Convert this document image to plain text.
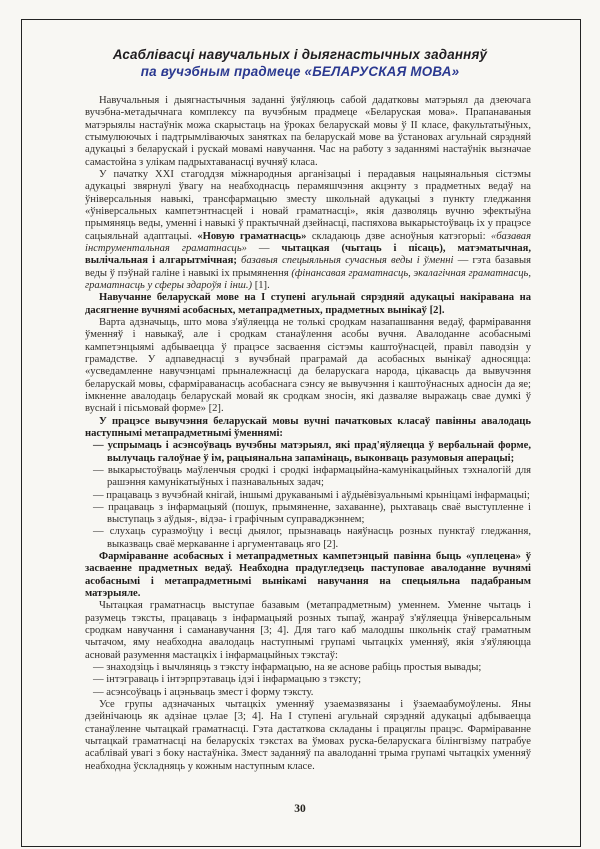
Асаблівасці навучальных і дыягнастычных заданняў
па вучэбным прадмеце «БЕЛАРУСКАЯ МОВА»
Навучальныя і дыягнастычныя заданні ўяўляюць сабой дадатковы матэрыял да дзеючага вучэбна-метадычнага комплексу па вучэбным прадмеце «Беларуская мова». Прапанаваныя матэрыялы настаўнік можа скарыстаць на ўроках беларускай мовы ў II класе, факультатыўных, стымулюючых і падтрымліваючых занятках па беларускай мове ва ўстановах агульнай сярэдняй адукацыі з беларускай і рускай мовамі навучання. Час на работу з заданнямі настаўнік вызначае самастойна з улікам падрыхтаванасці вучняў класа.
У пачатку XXI стагоддзя міжнародныя арганізацыі і перадавыя нацыянальныя сістэмы адукацыі звярнулі ўвагу на неабходнасць перамяшчэння акцэнту з прадметных ведаў на ўніверсальныя навыкі, трансфармацыю зместу школьнай адукацыі з пункту гледжання «ўніверсальных кампетэнтнасцей і новай граматнасці», якія дазволяць вучню эфектыўна прымяняць веды, уменні і навыкі ў практычнай дзейнасці, паспяхова выкарыстоўваць іх у працэсе сацыяльнай адаптацыі. «Новую граматнасць» складаюць дзве асноўныя катэгорыі: «базавая інструментальная граматнасць» — чытацкая (чытаць і пісаць), матэматычная, вылічальная і алгарытмічная; базавыя спецыяльныя сучасныя веды і ўменні — гэта базавыя веды ў пэўнай галіне і навыкі іх прымянення (фінансавая граматнасць, экалагічная граматнасць, граматнасць у сферы здароўя і інш.) [1].
Навучанне беларускай мове на I ступені агульнай сярэдняй адукацыі накіравана на дасягненне вучнямі асобасных, метапрадметных, прадметных вынікаў [2].
Варта адзначыць, што мова з'яўляецца не толькі сродкам назапашвання ведаў, фарміравання ўменняў і навыкаў, але і сродкам станаўлення асобы вучня. Авалоданне асобаснымі кампетэнцыямі адбываецца ў працэсе засваення сістэмы каштоўнасцей, правіл паводзін у грамадстве. У адпаведнасці з вучэбнай праграмай да асобасных вынікаў адносяцца: «усведамленне навучэнцамі прыналежнасці да беларускага народа, цікавасць да вывучэння беларускай мовы, сфарміраванасць асобаснага сэнсу яе вывучэння і каштоўнасных адносін да яе; імкненне авалодаць беларускай мовай як сродкам зносін, які дазваляе выражаць свае думкі ў вуснай і пісьмовай форме» [2].
У працэсе вывучэння беларускай мовы вучні пачатковых класаў павінны авалодаць наступнымі метапрадметнымі ўменнямі:
— успрымаць і асэнсоўваць вучэбны матэрыял, які прад'яўляецца ў вербальнай форме, вылучаць галоўнае ў ім, рацыянальна запамінаць, выконваць разумовыя аперацыі;
— выкарыстоўваць маўленчыя сродкі і сродкі інфармацыйна-камунікацыйных тэхналогій для рашэння камунікатыўных і пазнавальных задач;
— працаваць з вучэбнай кнігай, іншымі друкаванымі і аўдыёвізуальнымі крыніцамі інфармацыі;
— працаваць з інфармацыяй (пошук, прымяненне, захаванне), рыхтаваць сваё выступленне і выступаць з аўдыя-, відэа- і графічным суправаджэннем;
— слухаць суразмоўцу і весці дыялог, прызнаваць наяўнасць розных пунктаў гледжання, выказваць сваё меркаванне і аргументаваць яго [2].
Фарміраванне асобасных і метапрадметных кампетэнцый павінна быць «уплецена» ў засваенне прадметных ведаў. Неабходна прадугледзець паступовае авалоданне вучнямі асобаснымі і метапрадметнымі вынікамі навучання на спецыяльна падабраным матэрыяле.
Чытацкая граматнасць выступае базавым (метапрадметным) уменнем. Уменне чытаць і разумець тэксты, працаваць з інфармацыяй розных тыпаў, жанраў з'яўляецца ўніверсальным сродкам навучання і саманавучання [3; 4]. Для таго каб малодшы школьнік стаў граматным чытачом, яму неабходна авалодаць наступнымі групамі чытацкіх уменняў, якія з'яўляюцца асновай разумення мастацкіх і інфармацыйных тэкстаў:
— знаходзіць і вычляняць з тэксту інфармацыю, на яе аснове рабіць простыя вывады;
— інтэграваць і інтэрпрэтаваць ідэі і інфармацыю з тэксту;
— асэнсоўваць і ацэньваць змест і форму тэксту.
Усе групы адзначаных чытацкіх уменняў узаемазвязаны і ўзаемаабумоўлены. Яны дзейнічаюць як адзінае цэлае [3; 4]. На I ступені агульнай сярэдняй адукацыі адбываецца станаўленне чытацкай граматнасці. Гэта дастаткова складаны і працяглы працэс. Фарміраванне чытацкай граматнасці на беларускіх тэкстах ва ўмовах руска-беларускага білінгвізму патрабуе асаблівай увагі з боку настаўніка. Змест заданняў па авалоданні трыма групамі чытацкіх уменняў неабходна ўскладняць у кожным наступным класе.
30
